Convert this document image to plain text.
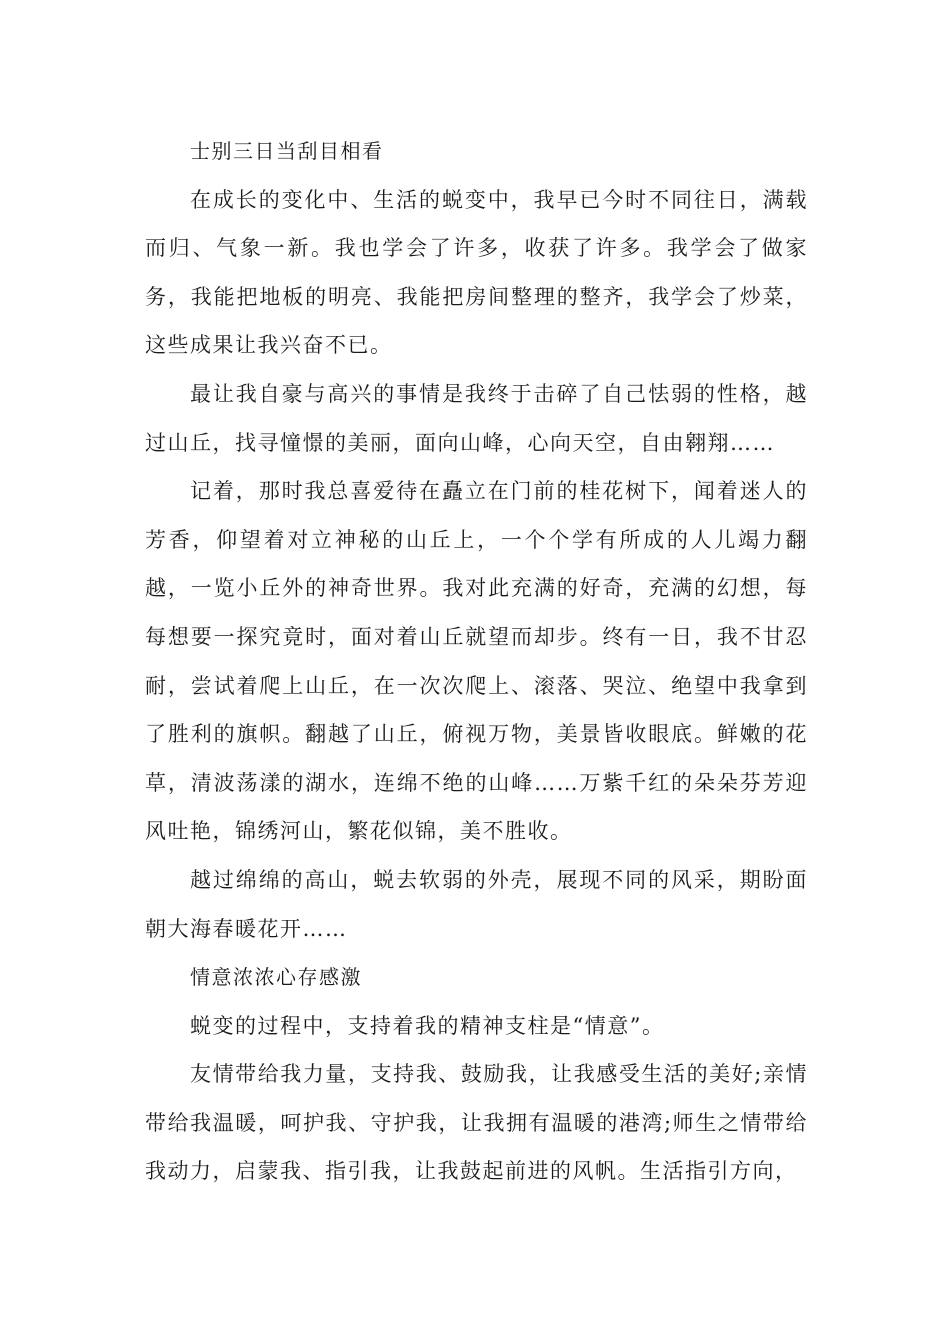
士别三日当刮目相看

在成长的变化中、生活的蜕变中，我早已今时不同往日，满载而归、气象一新。我也学会了许多，收获了许多。我学会了做家务，我能把地板的明亮、我能把房间整理的整齐，我学会了炒菜，这些成果让我兴奋不已。

最让我自豪与高兴的事情是我终于击碎了自己怯弱的性格，越过山丘，找寻憧憬的美丽，面向山峰，心向天空，自由翱翔……

记着，那时我总喜爱待在矗立在门前的桂花树下，闻着迷人的芳香，仰望着对立神秘的山丘上，一个个学有所成的人儿竭力翻越，一览小丘外的神奇世界。我对此充满的好奇，充满的幻想，每每想要一探究竟时，面对着山丘就望而却步。终有一日，我不甘忍耐，尝试着爬上山丘，在一次次爬上、滚落、哭泣、绝望中我拿到了胜利的旗帜。翻越了山丘，俯视万物，美景皆收眼底。鲜嫩的花草，清波荡漾的湖水，连绵不绝的山峰……万紫千红的朵朵芬芳迎风吐艳，锦绣河山，繁花似锦，美不胜收。

越过绵绵的高山，蜕去软弱的外壳，展现不同的风采，期盼面朝大海春暖花开……

情意浓浓心存感激

蜕变的过程中，支持着我的精神支柱是“情意”。

友情带给我力量，支持我、鼓励我，让我感受生活的美好;亲情带给我温暖，呵护我、守护我，让我拥有温暖的港湾;师生之情带给我动力，启蒙我、指引我，让我鼓起前进的风帆。生活指引方向，
